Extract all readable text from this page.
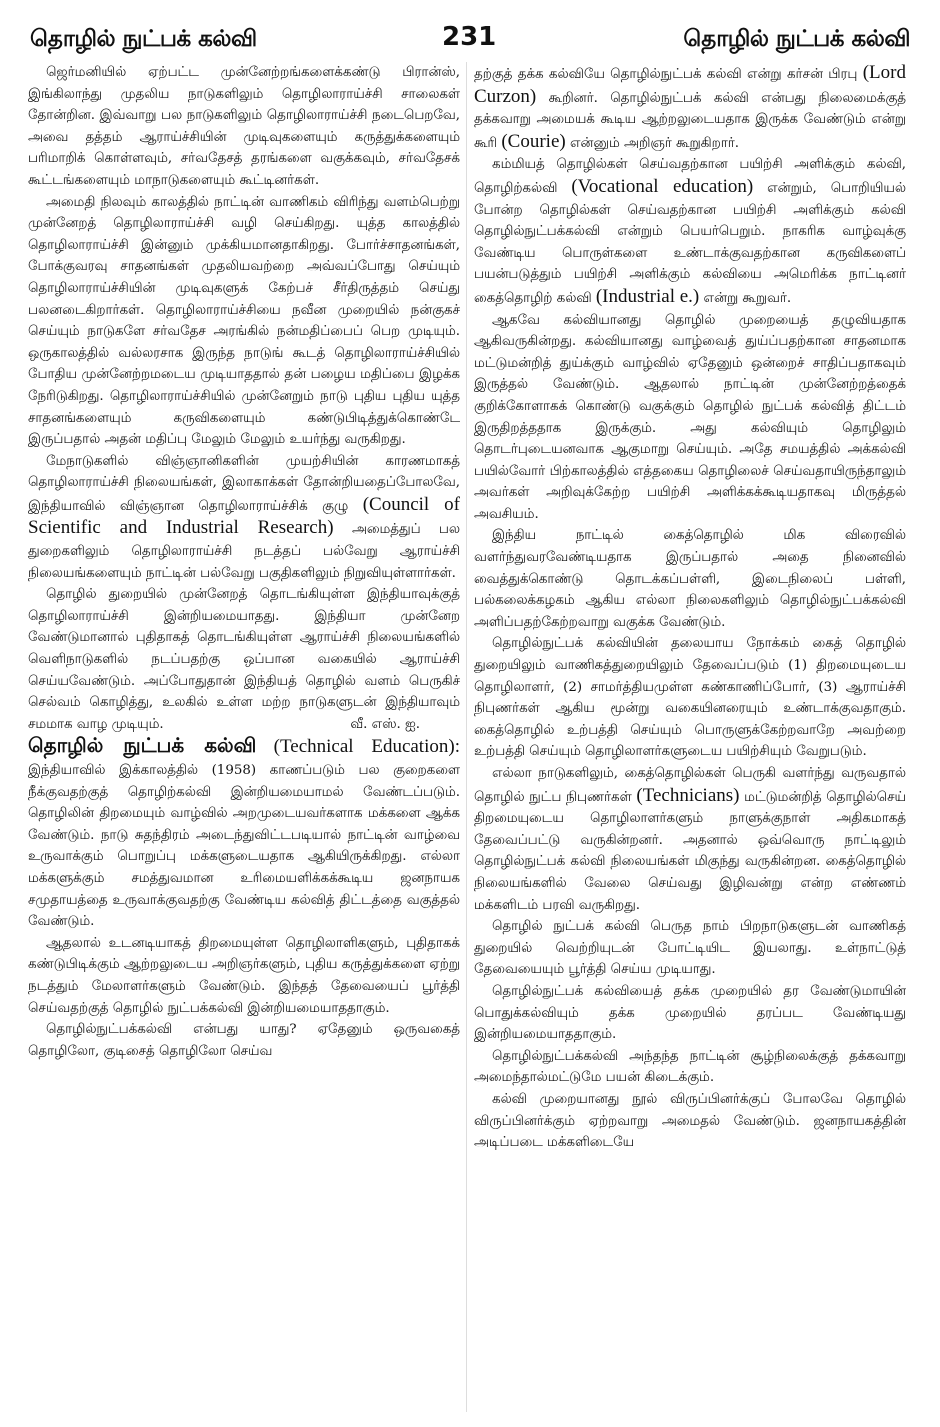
தொழில் நுட்பக் கல்வி	231	தொழில் நுட்பக் கல்வி

ஜெர்மனியில் ஏற்பட்ட முன்னேற்றங்களைக்கண்டு பிரான்ஸ், இங்கிலாந்து முதலிய நாடுகளிலும் தொழிலாராய்ச்சி சாலைகள் தோன்றின. இவ்வாறு பல நாடுகளிலும் தொழிலாராய்ச்சி நடைபெறவே, அவை தத்தம் ஆராய்ச்சியின் முடிவுகளையும் கருத்துக்களையும் பரிமாறிக் கொள்ளவும், சர்வதேசத் தரங்களை வகுக்கவும், சர்வதேசக் கூட்டங்களையும் மாநாடுகளையும் கூட்டினர்கள்.

அமைதி நிலவும் காலத்தில் நாட்டின் வாணிகம் விரிந்து வளம்பெற்று முன்னேறத் தொழிலாராய்ச்சி வழி செய்கிறது. யுத்த காலத்தில் தொழிலாராய்ச்சி இன்னும் முக்கியமானதாகிறது. போர்ச்சாதனங்கள், போக்குவரவு சாதனங்கள் முதலியவற்றை அவ்வப்போது செய்யும் தொழிலாராய்ச்சியின் முடிவுகளுக் கேற்பச் சீர்திருத்தம் செய்து பலனடைகிறார்கள். தொழிலாராய்ச்சியை நவீன முறையில் நன்குகச் செய்யும் நாடுகளே சர்வதேச அரங்கில் நன்மதிப்பைப் பெற முடியும். ஒருகாலத்தில் வல்லரசாக இருந்த நாடுங் கூடத் தொழிலாராய்ச்சியில் போதிய முன்னேற்றமடைய முடியாததால் தன் பழைய மதிப்பை இழக்க நேரிடுகிறது. தொழிலாராய்ச்சியில் முன்னேறும் நாடு புதிய புதிய யுத்த சாதனங்களையும் கருவிகளையும் கண்டுபிடித்துக்கொண்டே இருப்பதால் அதன் மதிப்பு மேலும் மேலும் உயர்ந்து வருகிறது.

மேநாடுகளில் விஞ்ஞானிகளின் முயற்சியின் காரணமாகத் தொழிலாராய்ச்சி நிலையங்கள், இலாகாக்கள் தோன்றியதைப்போலவே, இந்தியாவில் விஞ்ஞான தொழிலாராய்ச்சிக் குழு (Council of Scientific and Industrial Research) அமைத்துப் பல துறைகளிலும் தொழிலாராய்ச்சி நடத்தப் பல்வேறு ஆராய்ச்சி நிலையங்களையும் நாட்டின் பல்வேறு பகுதிகளிலும் நிறுவியுள்ளார்கள்.

தொழில் துறையில் முன்னேறத் தொடங்கியுள்ள இந்தியாவுக்குத் தொழிலாராய்ச்சி இன்றியமையாதது. இந்தியா முன்னேற வேண்டுமானால் புதிதாகத் தொடங்கியுள்ள ஆராய்ச்சி நிலையங்களில் வெளிநாடுகளில் நடப்பதற்கு ஒப்பான வகையில் ஆராய்ச்சி செய்யவேண்டும். அப்போதுதான் இந்தியத் தொழில் வளம் பெருகிச் செல்வம் கொழித்து, உலகில் உள்ள மற்ற நாடுகளுடன் இந்தியாவும் சமமாக வாழ முடியும்.	வீ. எஸ். ஐ.

தொழில் நுட்பக் கல்வி (Technical Education): இந்தியாவில் இக்காலத்தில் (1958) காணப்படும் பல குறைகளை நீக்குவதற்குத் தொழிற்கல்வி இன்றியமையாமல் வேண்டப்படும். தொழிலின் திறமையும் வாழ்வில் அறமுடையவர்களாக மக்களை ஆக்க வேண்டும். நாடு சுதந்திரம் அடைந்துவிட்டபடியால் நாட்டின் வாழ்வை உருவாக்கும் பொறுப்பு மக்களுடையதாக ஆகியிருக்கிறது. எல்லா மக்களுக்கும் சமத்துவமான உரிமையளிக்கக்கூடிய ஜனநாயக சமுதாயத்தை உருவாக்குவதற்கு வேண்டிய கல்வித் திட்டத்தை வகுத்தல் வேண்டும்.

ஆதலால் உடனடியாகத் திறமையுள்ள தொழிலாளிகளும், புதிதாகக் கண்டுபிடிக்கும் ஆற்றலுடைய அறிஞர்களும், புதிய கருத்துக்களை ஏற்று நடத்தும் மேலாளர்களும் வேண்டும். இந்தத் தேவையைப் பூர்த்தி செய்வதற்குத் தொழில் நுட்பக்கல்வி இன்றியமையாததாகும்.

தொழில்நுட்பக்கல்வி என்பது யாது? ஏதேனும் ஒருவகைத் தொழிலோ, குடிசைத் தொழிலோ செய்வ

தற்குத் தக்க கல்வியே தொழில்நுட்பக் கல்வி என்று கர்சன் பிரபு (Lord Curzon) கூறினர். தொழில்நுட்பக் கல்வி என்பது நிலைமைக்குத் தக்கவாறு அமையக் கூடிய ஆற்றலுடையதாக இருக்க வேண்டும் என்று கூரி (Courie) என்னும் அறிஞர் கூறுகிறார்.

கம்மியத் தொழில்கள் செய்வதற்கான பயிற்சி அளிக்கும் கல்வி, தொழிற்கல்வி (Vocational education) என்றும், பொறியியல் போன்ற தொழில்கள் செய்வதற்கான பயிற்சி அளிக்கும் கல்வி தொழில்நுட்பக்கல்வி என்றும் பெயர்பெறும். நாகரிக வாழ்வுக்கு வேண்டிய பொருள்களை உண்டாக்குவதற்கான கருவிகளைப் பயன்படுத்தும் பயிற்சி அளிக்கும் கல்வியை அமெரிக்க நாட்டினர் கைத்தொழிற் கல்வி (Industrial e.) என்று கூறுவர்.

ஆகவே கல்வியானது தொழில் முறையைத் தழுவியதாக ஆகிவருகின்றது. கல்வியானது வாழ்வைத் துய்ப்பதற்கான சாதனமாக மட்டுமன்றித் துய்க்கும் வாழ்வில் ஏதேனும் ஒன்றைச் சாதிப்பதாகவும் இருத்தல் வேண்டும். ஆதலால் நாட்டின் முன்னேற்றத்தைக் குறிக்கோளாகக் கொண்டு வகுக்கும் தொழில் நுட்பக் கல்வித் திட்டம் இருதிறத்ததாக இருக்கும். அது கல்வியும் தொழிலும் தொடர்புடையனவாக ஆகுமாறு செய்யும். அதே சமயத்தில் அக்கல்வி பயில்வோர் பிற்காலத்தில் எத்தகைய தொழிலைச் செய்வதாயிருந்தாலும் அவர்கள் அறிவுக்கேற்ற பயிற்சி அளிக்கக்கூடியதாகவு மிருத்தல் அவசியம்.

இந்திய நாட்டில் கைத்தொழில் மிக விரைவில் வளர்ந்துவரவேண்டியதாக இருப்பதால் அதை நினைவில் வைத்துக்கொண்டு தொடக்கப்பள்ளி, இடைநிலைப் பள்ளி, பல்கலைக்கழகம் ஆகிய எல்லா நிலைகளிலும் தொழில்நுட்பக்கல்வி அளிப்பதற்கேற்றவாறு வகுக்க வேண்டும்.

தொழில்நுட்பக் கல்வியின் தலையாய நோக்கம் கைத் தொழில் துறையிலும் வாணிகத்துறையிலும் தேவைப்படும் (1) திறமையுடைய தொழிலாளர், (2) சாமர்த்தியமுள்ள கண்காணிப்போர், (3) ஆராய்ச்சி நிபுணர்கள் ஆகிய மூன்று வகையினரையும் உண்டாக்குவதாகும். கைத்தொழில் உற்பத்தி செய்யும் பொருளுக்கேற்றவாறே அவற்றை உற்பத்தி செய்யும் தொழிலாளர்களுடைய பயிற்சியும் வேறுபடும்.

எல்லா நாடுகளிலும், கைத்தொழில்கள் பெருகி வளர்ந்து வருவதால் தொழில் நுட்ப நிபுணர்கள் (Technicians) மட்டுமன்றித் தொழில்செய் திறமையுடைய தொழிலாளர்களும் நாளுக்குநாள் அதிகமாகத் தேவைப்பட்டு வருகின்றனர். அதனால் ஒவ்வொரு நாட்டிலும் தொழில்நுட்பக் கல்வி நிலையங்கள் மிகுந்து வருகின்றன. கைத்தொழில் நிலையங்களில் வேலை செய்வது இழிவன்று என்ற எண்ணம் மக்களிடம் பரவி வருகிறது.

தொழில் நுட்பக் கல்வி பெருத நாம் பிறநாடுகளுடன் வாணிகத் துறையில் வெற்றியுடன் போட்டியிட இயலாது. உள்நாட்டுத் தேவையையும் பூர்த்தி செய்ய முடியாது.

தொழில்நுட்பக் கல்வியைத் தக்க முறையில் தர வேண்டுமாயின் பொதுக்கல்வியும் தக்க முறையில் தரப்பட வேண்டியது இன்றியமையாததாகும்.

தொழில்நுட்பக்கல்வி அந்தந்த நாட்டின் சூழ்நிலைக்குத் தக்கவாறு அமைந்தால்மட்டுமே பயன் கிடைக்கும்.

கல்வி முறையானது நூல் விருப்பினர்க்குப் போலவே தொழில் விருப்பினர்க்கும் ஏற்றவாறு அமைதல் வேண்டும். ஜனநாயகத்தின் அடிப்படை மக்களிடையே
